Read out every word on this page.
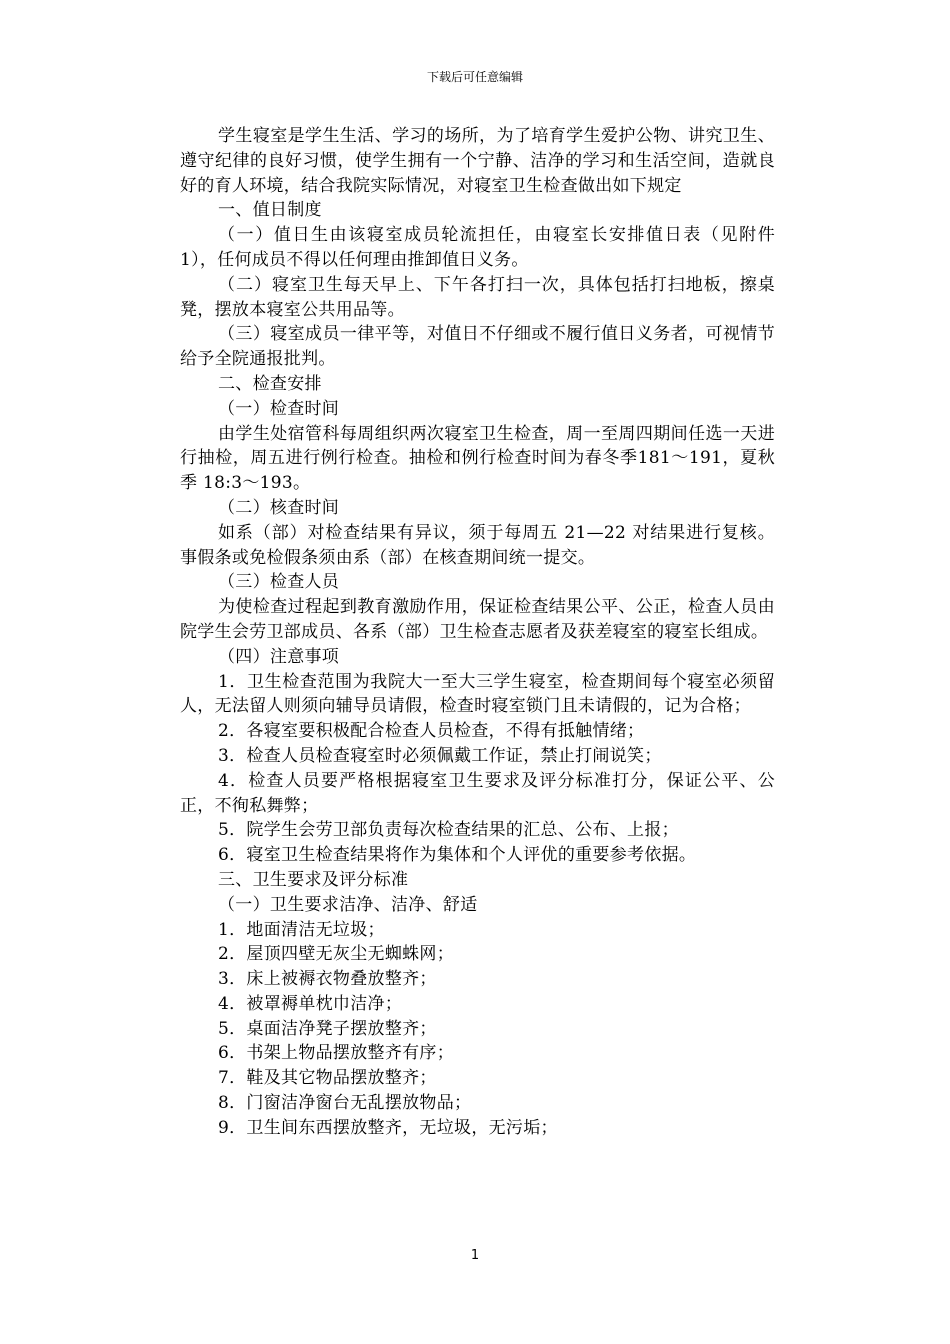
下载后可任意编辑

学生寝室是学生生活、学习的场所，为了培育学生爱护公物、讲究卫生、遵守纪律的良好习惯，使学生拥有一个宁静、洁净的学习和生活空间，造就良好的育人环境，结合我院实际情况，对寝室卫生检查做出如下规定

一、值日制度

（一）值日生由该寝室成员轮流担任，由寝室长安排值日表（见附件 1），任何成员不得以任何理由推卸值日义务。

（二）寝室卫生每天早上、下午各打扫一次，具体包括打扫地板，擦桌凳，摆放本寝室公共用品等。

（三）寝室成员一律平等，对值日不仔细或不履行值日义务者，可视情节给予全院通报批判。

二、检查安排

（一）检查时间

由学生处宿管科每周组织两次寝室卫生检查，周一至周四期间任选一天进行抽检，周五进行例行检查。抽检和例行检查时间为春冬季181～191，夏秋季 18:3～193。

（二）核查时间

如系（部）对检查结果有异议，须于每周五 21—22 对结果进行复核。事假条或免检假条须由系（部）在核查期间统一提交。

（三）检查人员

为使检查过程起到教育激励作用，保证检查结果公平、公正，检查人员由院学生会劳卫部成员、各系（部）卫生检查志愿者及获差寝室的寝室长组成。

（四）注意事项

1．卫生检查范围为我院大一至大三学生寝室，检查期间每个寝室必须留人，无法留人则须向辅导员请假，检查时寝室锁门且未请假的，记为合格；

2．各寝室要积极配合检查人员检查，不得有抵触情绪；

3．检查人员检查寝室时必须佩戴工作证，禁止打闹说笑；

4．检查人员要严格根据寝室卫生要求及评分标准打分，保证公平、公正，不徇私舞弊；

5．院学生会劳卫部负责每次检查结果的汇总、公布、上报；

6．寝室卫生检查结果将作为集体和个人评优的重要参考依据。

三、卫生要求及评分标准

（一）卫生要求洁净、洁净、舒适

1．地面清洁无垃圾；

2．屋顶四壁无灰尘无蜘蛛网；

3．床上被褥衣物叠放整齐；

4．被罩褥单枕巾洁净；

5．桌面洁净凳子摆放整齐；

6．书架上物品摆放整齐有序；

7．鞋及其它物品摆放整齐；

8．门窗洁净窗台无乱摆放物品；

9．卫生间东西摆放整齐，无垃圾，无污垢；

1
